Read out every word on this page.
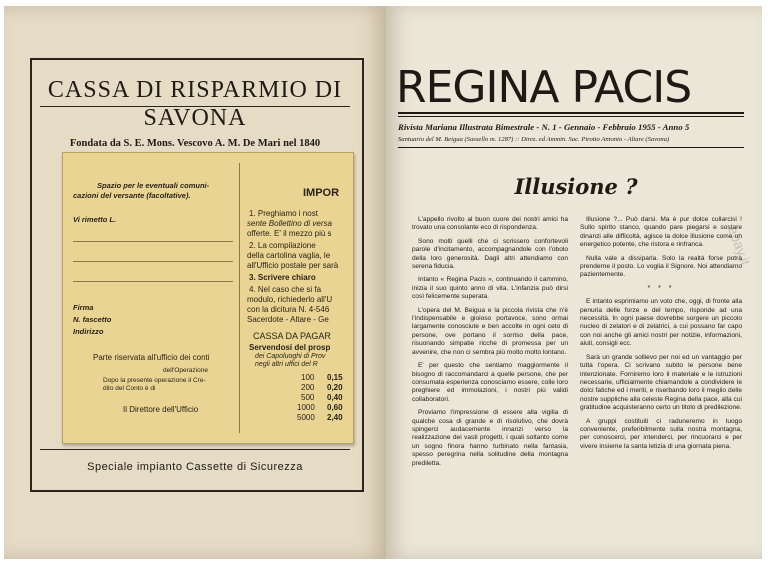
CASSA DI RISPARMIO DI SAVONA
Fondata da S. E. Mons. Vescovo A. M. De Mari nel 1840
Spazio per le eventuali comuni-
cazioni del versante (facoltative).
Vi rimetto L.
Firma
N. fascetto
Indirizzo
Parte riservata all'ufficio dei conti
dell'Operazione
Dopo la presente operazione il Cre-
dito del Conto è di
Il Direttore dell'Ufficio
IMPOR
1. Preghiamo i nost
sente Bollettino di versa
offerte. E' il mezzo più s
2. La compilazione
della cartolina vaglia, le
all'Ufficio postale per sarà
3. Scrivere chiaro
4. Nel caso che si fa
modulo, richiederlo all'U
con la dicitura N. 4-546
Sacerdote - Altare - Ge
CASSA DA PAGAR
Servendosi del prosp
dei Capoluoghi di Prov
negli altri uffici del R
100 0,15
200 0,20
500 0,40
1000 0,60
5000 2,40
Speciale impianto Cassette di Sicurezza
REGINA PACIS
Rivista Mariana Illustrata Bimestrale - N. 1 - Gennaio - Febbraio 1955 - Anno 5
Santuario del M. Beigua (Sassello m. 1287) :: Direz. ed Ammin. Sac. Pirotto Antonio - Altare (Savona)
Illusione ?

L'appello rivolto al buon cuore dei nostri amici ha trovato una consolante eco di rispondenza.

Sono molti quelli che ci scrissero confortevoli parole d'incitamento, accompagnandole con l'obolo della loro generosità. Dagli altri attendiamo con serena fiducia.

Intanto « Regina Pacis », continuando il cammino, inizia il suo quinto anno di vita. L'infanzia può dirsi così felicemente superata.

L'opera del M. Beigua e la piccola rivista che n'è l'indispensabile e gioioso portavoce, sono ormai largamente conosciute e ben accolte in ogni ceto di persone, ove portano il sorriso della pace, risuonando simpatie ricche di promessa per un avvenire, che non ci sembra più molto molto lontano.

E' per questo che sentiamo maggiormente il bisogno di raccomandarci a quelle persone, che per consumata esperienza conosciamo essere, colle loro preghiere ed immolazioni, i nostri più validi collaboratori.

Proviamo l'impressione di essere alla vigilia di qualche cosa di grande e di risolutivo, che dovrà spingerci audacemente innanzi verso la realizzazione dei vasti progetti, i quali soltanto come un sogno finora hanno turbinato nella fantasia, spesso peregrina nella solitudine della montagna prediletta.

Illusione ?... Può darsi. Ma è pur dolce cullarcisi ! Sullo spirito stanco, quando pare piegarsi e sostare dinanzi alle difficoltà, agisce la dolce illusione come un energetico potente, che ristora e rinfranca.

Nulla vale a dissiparla. Solo la realtà forse potrà prenderne il posto. Lo voglia il Signore. Noi attendiamo pazientemente.

* * *

E intanto esprimiamo un voto che, oggi, di fronte alla penuria delle forze e del tempo, risponde ad una necessità. In ogni paese dovrebbe sorgere un piccolo nucleo di zelatori e di zelatrici, a cui possano far capo con noi anche gli amici nostri per notizie, informazioni, aiuti, consigli ecc.

Sarà un grande sollievo per noi ed un vantaggio per tutta l'opera. Ci scrivano subito le persone bene intenzionate. Forniremo loro il materiale e le istruzioni necessarie, ufficialmente chiamandole a condividere le dolci fatiche ed i meriti, e riserbando loro il meglio delle nostre suppliche alla celeste Regina della pace, alla cui gratitudine acquisteranno certo un titolo di predilezione.

A gruppi costituiti ci raduneremo in luogo conveniente, preferibilmente sulla nostra montagna, per conoscerci, per intenderci, per rincuorarci e per vivere insieme la santa letizia di una giornata piena.

ebay.it
